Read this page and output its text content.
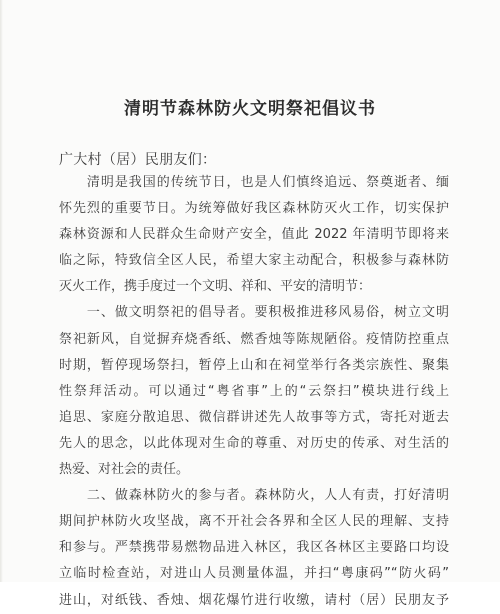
清明节森林防火文明祭祀倡议书
广大村（居）民朋友们：
　　清明是我国的传统节日，也是人们慎终追远、祭奠逝者、缅
怀先烈的重要节日。为统筹做好我区森林防灭火工作，切实保护
森林资源和人民群众生命财产安全，值此 2022 年清明节即将来
临之际，特致信全区人民，希望大家主动配合，积极参与森林防
灭火工作，携手度过一个文明、祥和、平安的清明节：
　　一、做文明祭祀的倡导者。要积极推进移风易俗，树立文明
祭祀新风，自觉摒弃烧香纸、燃香烛等陈规陋俗。疫情防控重点
时期，暂停现场祭扫，暂停上山和在祠堂举行各类宗族性、聚集
性祭拜活动。可以通过“粤省事”上的“云祭扫”模块进行线上
追思、家庭分散追思、微信群讲述先人故事等方式，寄托对逝去
先人的思念，以此体现对生命的尊重、对历史的传承、对生活的
热爱、对社会的责任。
　　二、做森林防火的参与者。森林防火，人人有责，打好清明
期间护林防火攻坚战，离不开社会各界和全区人民的理解、支持
和参与。严禁携带易燃物品进入林区，我区各林区主要路口均设
立临时检查站，对进山人员测量体温，并扫“粤康码”“防火码”
进山，对纸钱、香烛、烟花爆竹进行收缴，请村（居）民朋友予
